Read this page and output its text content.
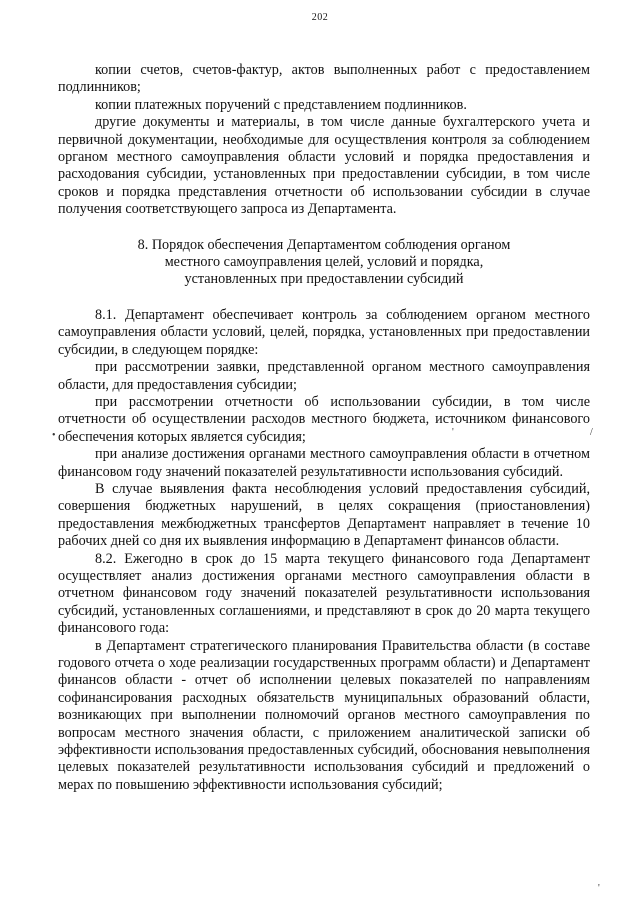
202

копии счетов, счетов-фактур, актов выполненных работ с предоставлением подлинников;

копии платежных поручений с представлением подлинников.

другие документы и материалы, в том числе данные бухгалтерского учета и первичной документации, необходимые для осуществления контроля за соблюдением органом местного самоуправления области условий и порядка предоставления и расходования субсидии, установленных при предоставлении субсидии, в том числе сроков и порядка представления отчетности об использовании субсидии в случае получения соответствующего запроса из Департамента.

8. Порядок обеспечения Департаментом соблюдения органом
местного самоуправления целей, условий и порядка,
установленных при предоставлении субсидий

8.1. Департамент обеспечивает контроль за соблюдением органом местного самоуправления области условий, целей, порядка, установленных при предоставлении субсидии, в следующем порядке:

при рассмотрении заявки, представленной органом местного самоуправления области, для предоставления субсидии;

при рассмотрении отчетности об использовании субсидии, в том числе отчетности об осуществлении расходов местного бюджета, источником финансового обеспечения которых является субсидия;

при анализе достижения органами местного самоуправления области в отчетном финансовом году значений показателей результативности использования субсидий.

В случае выявления факта несоблюдения условий предоставления субсидий, совершения бюджетных нарушений, в целях сокращения (приостановления) предоставления межбюджетных трансфертов Департамент направляет в течение 10 рабочих дней со дня их выявления информацию в Департамент финансов области.

8.2. Ежегодно в срок до 15 марта текущего финансового года Департамент осуществляет анализ достижения органами местного самоуправления области в отчетном финансовом году значений показателей результативности использования субсидий, установленных соглашениями, и представляют в срок до 20 марта текущего финансового года:

в Департамент стратегического планирования Правительства области (в составе годового отчета о ходе реализации государственных программ области) и Департамент финансов области - отчет об исполнении целевых показателей по направлениям софинансирования расходных обязательств муниципальных образований области, возникающих при выполнении полномочий органов местного самоуправления по вопросам местного значения области, с приложением аналитической записки об эффективности использования предоставленных субсидий, обоснования невыполнения целевых показателей результативности использования субсидий и предложений о мерах по повышению эффективности использования субсидий;

•	'	/
'
